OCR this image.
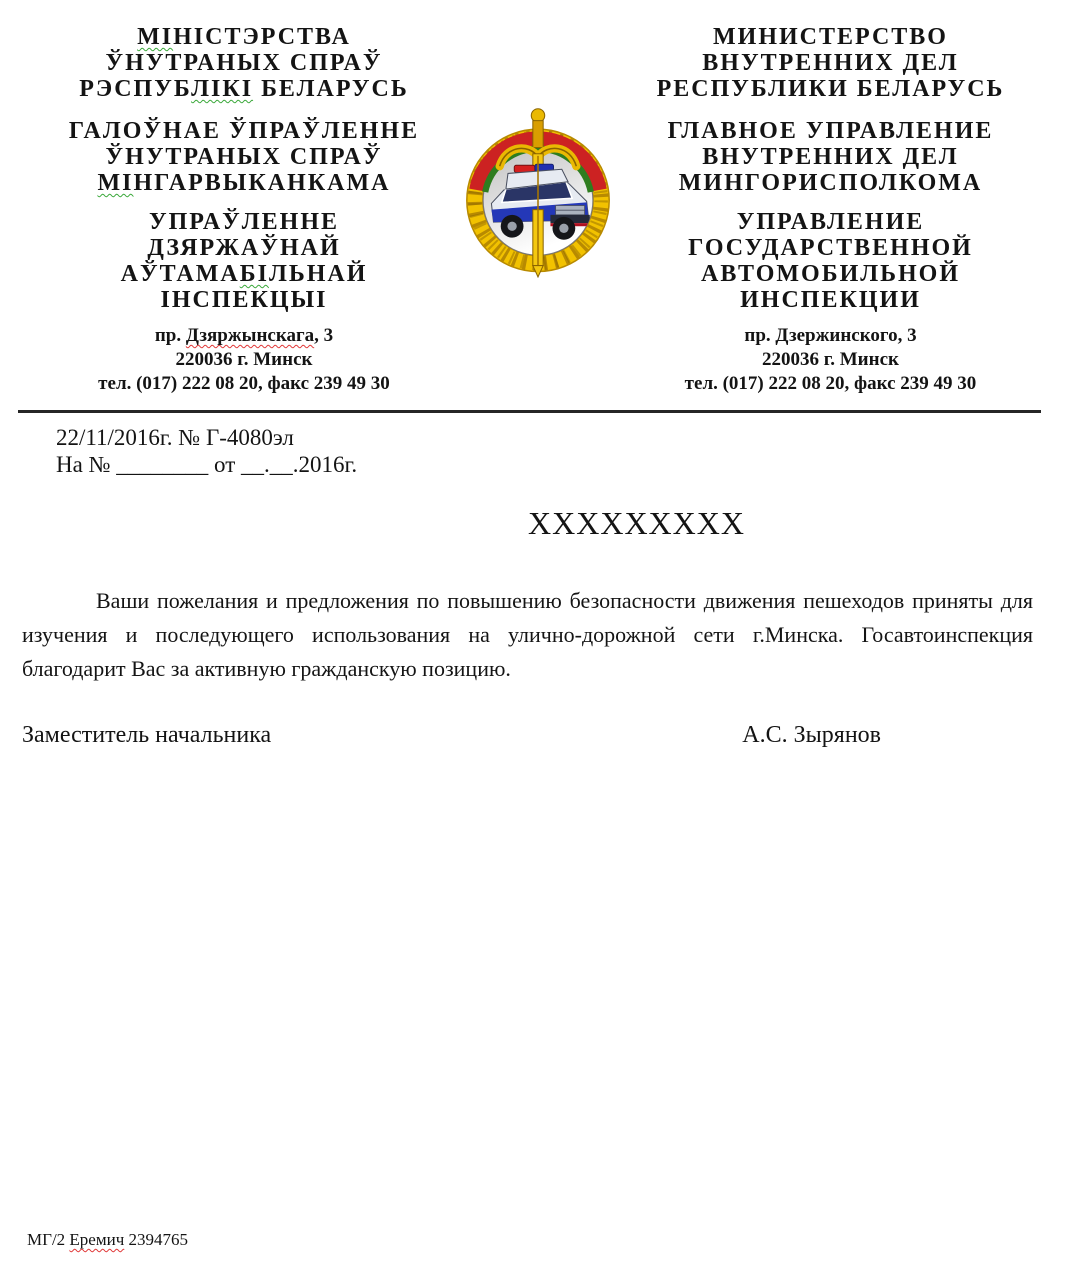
МІНІСТЭРСТВА
ЎНУТРАНЫХ СПРАЎ
РЭСПУБЛІКІ БЕЛАРУСЬ
ГАЛОЎНАЕ ЎПРАЎЛЕННЕ
ЎНУТРАНЫХ СПРАЎ
МІНГАРВЫКАНКАМА
УПРАЎЛЕННЕ
ДЗЯРЖАЎНАЙ
АЎТАМАБІЛЬНАЙ
ІНСПЕКЦЫІ
пр. Дзяржынскага, 3
220036 г. Минск
тел. (017) 222 08 20, факс 239 49 30
МИНИСТЕРСТВО
ВНУТРЕННИХ ДЕЛ
РЕСПУБЛИКИ БЕЛАРУСЬ
ГЛАВНОЕ УПРАВЛЕНИЕ
ВНУТРЕННИХ ДЕЛ
МИНГОРИСПОЛКОМА
УПРАВЛЕНИЕ
ГОСУДАРСТВЕННОЙ
АВТОМОБИЛЬНОЙ
ИНСПЕКЦИИ
пр. Дзержинского, 3
220036 г. Минск
тел. (017) 222 08 20, факс 239 49 30
22/11/2016г. № Г-4080эл
На № ________ от __.__.2016г.
ХХХХХХХХХ

Ваши пожелания и предложения по повышению безопасности движения пешеходов приняты для изучения и последующего использования на улично-дорожной сети г.Минска. Госавтоинспекция благодарит Вас за активную гражданскую позицию.

Заместитель начальника	А.С. Зырянов
МГ/2 Еремич 2394765
